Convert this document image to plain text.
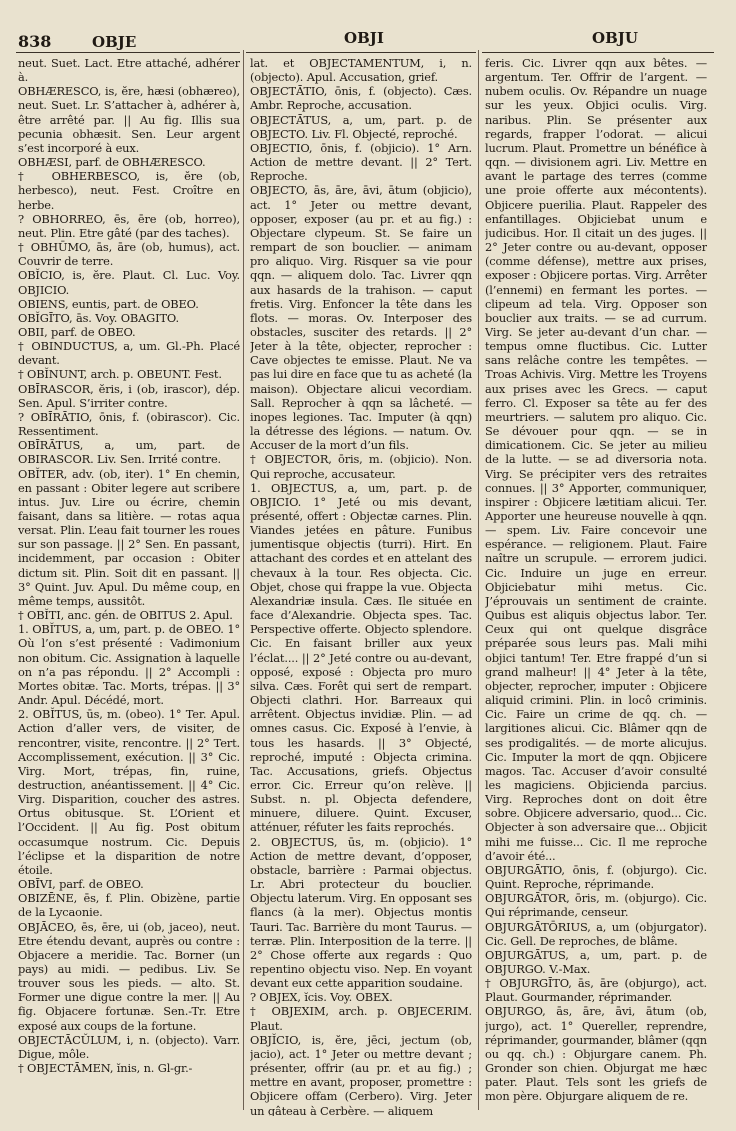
838	OBJE	OBJI	OBJU

neut. Suet. Lact. Etre attaché, adhérer à.

OBHÆRESCO, is, ĕre, hæsi (obhæreo), neut. Suet. Lr. S’attacher à, adhérer à, être arrêté par. || Au fig. Illis sua pecunia obhæsit. Sen. Leur argent s’est incorporé à eux.

OBHÆSI, parf. de OBHÆRESCO.

† OBHERBESCO, is, ĕre (ob, herbesco), neut. Fest. Croître en herbe.

? OBHORREO, ēs, ēre (ob, horreo), neut. Plin. Etre gâté (par des taches).

† OBHŪMO, ās, āre (ob, humus), act. Couvrir de terre.

OBĬCIO, is, ĕre. Plaut. Cl. Luc. Voy. OBJICIO.

OBIENS, euntis, part. de OBEO.

OBĬGĪTO, ās. Voy. OBAGITO.

OBII, parf. de OBEO.

† OBINDUCTUS, a, um. Gl.-Ph. Placé devant.

† OBĬNUNT, arch. p. OBEUNT. Fest.

OBĪRASCOR, ĕris, i (ob, irascor), dép. Sen. Apul. S’irriter contre.

? OBĪRĀTIO, ōnis, f. (obirascor). Cic. Ressentiment.

OBĪRĀTUS, a, um, part. de OBIRASCOR. Liv. Sen. Irrité contre.

OBĬTER, adv. (ob, iter). 1° En chemin, en passant : Obiter legere aut scribere intus. Juv. Lire ou écrire, chemin faisant, dans sa litière. — rotas aqua versat. Plin. L’eau fait tourner les roues sur son passage. || 2° Sen. En passant, incidemment, par occasion : Obiter dictum sit. Plin. Soit dit en passant. || 3° Quint. Juv. Apul. Du même coup, en même temps, aussitôt.

† OBĬTI, anc. gén. de OBITUS 2. Apul.

1. OBĬTUS, a, um, part. p. de OBEO. 1° Où l’on s’est présenté : Vadimonium non obitum. Cic. Assignation à laquelle on n’a pas répondu. || 2° Accompli : Mortes obitæ. Tac. Morts, trépas. || 3° Andr. Apul. Décédé, mort.

2. OBĬTUS, ūs, m. (obeo). 1° Ter. Apul. Action d’aller vers, de visiter, de rencontrer, visite, rencontre. || 2° Tert. Accomplissement, exécution. || 3° Cic. Virg. Mort, trépas, fin, ruine, destruction, anéantissement. || 4° Cic. Virg. Disparition, coucher des astres. Ortus obitusque. St. L’Orient et l’Occident. || Au fig. Post obitum occasumque nostrum. Cic. Depuis l’éclipse et la disparition de notre étoile.

OBĪVI, parf. de OBEO.

OBIZĒNE, ēs, f. Plin. Obizène, partie de la Lycaonie.

OBJĀCEO, ēs, ēre, ui (ob, jaceo), neut. Etre étendu devant, auprès ou contre : Objacere a meridie. Tac. Borner (un pays) au midi. — pedibus. Liv. Se trouver sous les pieds. — alto. St. Former une digue contre la mer. || Au fig. Objacere fortunæ. Sen.-Tr. Etre exposé aux coups de la fortune.

OBJECTĀCŬLUM, i, n. (objecto). Varr. Digue, môle.

† OBJECTĀMEN, ĭnis, n. Gl-gr.-

lat. et OBJECTAMENTUM, i, n. (objecto). Apul. Accusation, grief.

OBJECTĀTIO, ōnis, f. (objecto). Cæs. Ambr. Reproche, accusation.

OBJECTĀTUS, a, um, part. p. de OBJECTO. Liv. Fl. Objecté, reproché.

OBJECTIO, ōnis, f. (objicio). 1° Arn. Action de mettre devant. || 2° Tert. Reproche.

OBJECTO, ās, āre, āvi, ātum (objicio), act. 1° Jeter ou mettre devant, opposer, exposer (au pr. et au fig.) : Objectare clypeum. St. Se faire un rempart de son bouclier. — animam pro aliquo. Virg. Risquer sa vie pour qqn. — aliquem dolo. Tac. Livrer qqn aux hasards de la trahison. — caput fretis. Virg. Enfoncer la tête dans les flots. — moras. Ov. Interposer des obstacles, susciter des retards. || 2° Jeter à la tête, objecter, reprocher : Cave objectes te emisse. Plaut. Ne va pas lui dire en face que tu as acheté (la maison). Objectare alicui vecordiam. Sall. Reprocher à qqn sa lâcheté. — inopes legiones. Tac. Imputer (à qqn) la détresse des légions. — natum. Ov. Accuser de la mort d’un fils.

† OBJECTOR, ōris, m. (objicio). Non. Qui reproche, accusateur.

1. OBJECTUS, a, um, part. p. de OBJICIO. 1° Jeté ou mis devant, présenté, offert : Objectæ carnes. Plin. Viandes jetées en pâture. Funibus jumentisque objectis (turri). Hirt. En attachant des cordes et en attelant des chevaux à la tour. Res objecta. Cic. Objet, chose qui frappe la vue. Objecta Alexandriæ insula. Cæs. Ile située en face d’Alexandrie. Objecta spes. Tac. Perspective offerte. Objecto splendore. Cic. En faisant briller aux yeux l’éclat.... || 2° Jeté contre ou au-devant, opposé, exposé : Objecta pro muro silva. Cæs. Forêt qui sert de rempart. Objecti clathri. Hor. Barreaux qui arrêtent. Objectus invidiæ. Plin. — ad omnes casus. Cic. Exposé à l’envie, à tous les hasards. || 3° Objecté, reproché, imputé : Objecta crimina. Tac. Accusations, griefs. Objectus error. Cic. Erreur qu’on relève. || Subst. n. pl. Objecta defendere, minuere, diluere. Quint. Excuser, atténuer, réfuter les faits reprochés.

2. OBJECTUS, ūs, m. (objicio). 1° Action de mettre devant, d’opposer, obstacle, barrière : Parmai objectus. Lr. Abri protecteur du bouclier. Objectu laterum. Virg. En opposant ses flancs (à la mer). Objectus montis Tauri. Tac. Barrière du mont Taurus. — terræ. Plin. Interposition de la terre. || 2° Chose offerte aux regards : Quo repentino objectu viso. Nep. En voyant devant eux cette apparition soudaine.

? OBJEX, ĭcis. Voy. OBEX.

† OBJEXIM, arch. p. OBJECERIM. Plaut.

OBJĬCIO, is, ĕre, jēci, jectum (ob, jacio), act. 1° Jeter ou mettre devant ; présenter, offrir (au pr. et au fig.) ; mettre en avant, proposer, promettre : Objicere offam (Cerbero). Virg. Jeter un gâteau à Cerbère. — aliquem

feris. Cic. Livrer qqn aux bêtes. — argentum. Ter. Offrir de l’argent. — nubem oculis. Ov. Répandre un nuage sur les yeux. Objici oculis. Virg. naribus. Plin. Se présenter aux regards, frapper l’odorat. — alicui lucrum. Plaut. Promettre un bénéfice à qqn. — divisionem agri. Liv. Mettre en avant le partage des terres (comme une proie offerte aux mécontents). Objicere puerilia. Plaut. Rappeler des enfantillages. Objiciebat unum e judicibus. Hor. Il citait un des juges. || 2° Jeter contre ou au-devant, opposer (comme défense), mettre aux prises, exposer : Objicere portas. Virg. Arrêter (l’ennemi) en fermant les portes. — clipeum ad tela. Virg. Opposer son bouclier aux traits. — se ad currum. Virg. Se jeter au-devant d’un char. — tempus omne fluctibus. Cic. Lutter sans relâche contre les tempêtes. — Troas Achivis. Virg. Mettre les Troyens aux prises avec les Grecs. — caput ferro. Cl. Exposer sa tête au fer des meurtriers. — salutem pro aliquo. Cic. Se dévouer pour qqn. — se in dimicationem. Cic. Se jeter au milieu de la lutte. — se ad diversoria nota. Virg. Se précipiter vers des retraites connues. || 3° Apporter, communiquer, inspirer : Objicere lætitiam alicui. Ter. Apporter une heureuse nouvelle à qqn. — spem. Liv. Faire concevoir une espérance. — religionem. Plaut. Faire naître un scrupule. — errorem judici. Cic. Induire un juge en erreur. Objiciebatur mihi metus. Cic. J’éprouvais un sentiment de crainte. Quibus est aliquis objectus labor. Ter. Ceux qui ont quelque disgrâce préparée sous leurs pas. Mali mihi objici tantum! Ter. Etre frappé d’un si grand malheur! || 4° Jeter à la tête, objecter, reprocher, imputer : Objicere aliquid crimini. Plin. in locô criminis. Cic. Faire un crime de qq. ch. — largitiones alicui. Cic. Blâmer qqn de ses prodigalités. — de morte alicujus. Cic. Imputer la mort de qqn. Objicere magos. Tac. Accuser d’avoir consulté les magiciens. Objicienda parcius. Virg. Reproches dont on doit être sobre. Objicere adversario, quod... Cic. Objecter à son adversaire que... Objicit mihi me fuisse... Cic. Il me reproche d’avoir été...

OBJURGĀTIO, ōnis, f. (objurgo). Cic. Quint. Reproche, réprimande.

OBJURGĀTOR, ōris, m. (objurgo). Cic. Qui réprimande, censeur.

OBJURGĀTŌRIUS, a, um (objurgator). Cic. Gell. De reproches, de blâme.

OBJURGĀTUS, a, um, part. p. de OBJURGO. V.-Max.

† OBJURGĪTO, ās, āre (objurgo), act. Plaut. Gourmander, réprimander.

OBJURGO, ās, āre, āvi, ātum (ob, jurgo), act. 1° Quereller, reprendre, réprimander, gourmander, blâmer (qqn ou qq. ch.) : Objurgare canem. Ph. Gronder son chien. Objurgat me hæc pater. Plaut. Tels sont les griefs de mon père. Objurgare aliquem de re.
